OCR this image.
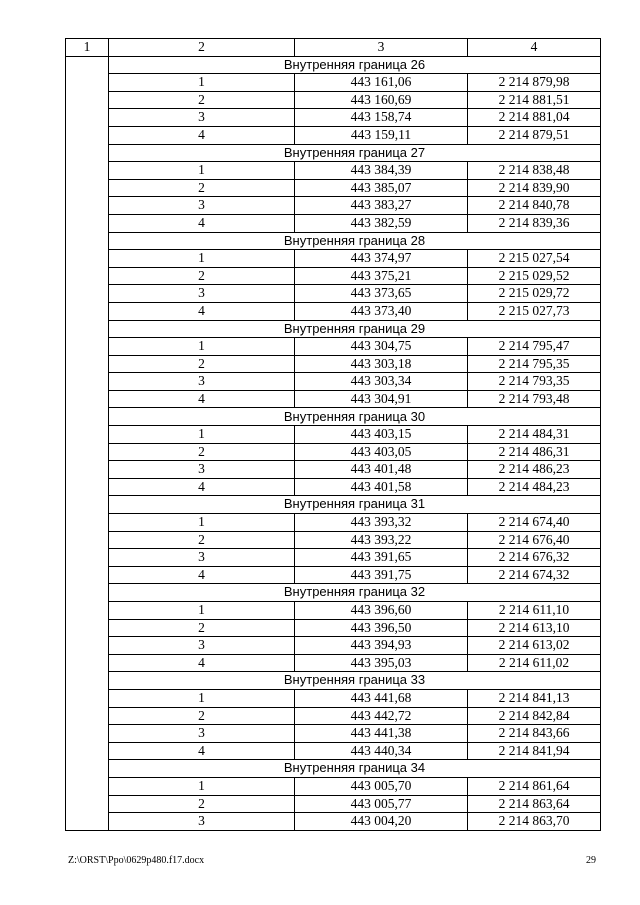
1	2	3	4
	Внутренняя граница 26		
	1	443 161,06	2 214 879,98
	2	443 160,69	2 214 881,51
	3	443 158,74	2 214 881,04
	4	443 159,11	2 214 879,51
	Внутренняя граница 27		
	1	443 384,39	2 214 838,48
	2	443 385,07	2 214 839,90
	3	443 383,27	2 214 840,78
	4	443 382,59	2 214 839,36
	Внутренняя граница 28		
	1	443 374,97	2 215 027,54
	2	443 375,21	2 215 029,52
	3	443 373,65	2 215 029,72
	4	443 373,40	2 215 027,73
	Внутренняя граница 29		
	1	443 304,75	2 214 795,47
	2	443 303,18	2 214 795,35
	3	443 303,34	2 214 793,35
	4	443 304,91	2 214 793,48
	Внутренняя граница 30		
	1	443 403,15	2 214 484,31
	2	443 403,05	2 214 486,31
	3	443 401,48	2 214 486,23
	4	443 401,58	2 214 484,23
	Внутренняя граница 31		
	1	443 393,32	2 214 674,40
	2	443 393,22	2 214 676,40
	3	443 391,65	2 214 676,32
	4	443 391,75	2 214 674,32
	Внутренняя граница 32		
	1	443 396,60	2 214 611,10
	2	443 396,50	2 214 613,10
	3	443 394,93	2 214 613,02
	4	443 395,03	2 214 611,02
	Внутренняя граница 33		
	1	443 441,68	2 214 841,13
	2	443 442,72	2 214 842,84
	3	443 441,38	2 214 843,66
	4	443 440,34	2 214 841,94
	Внутренняя граница 34		
	1	443 005,70	2 214 861,64
	2	443 005,77	2 214 863,64
	3	443 004,20	2 214 863,70
Z:\ORST\Ppo\0629p480.f17.docx	29
